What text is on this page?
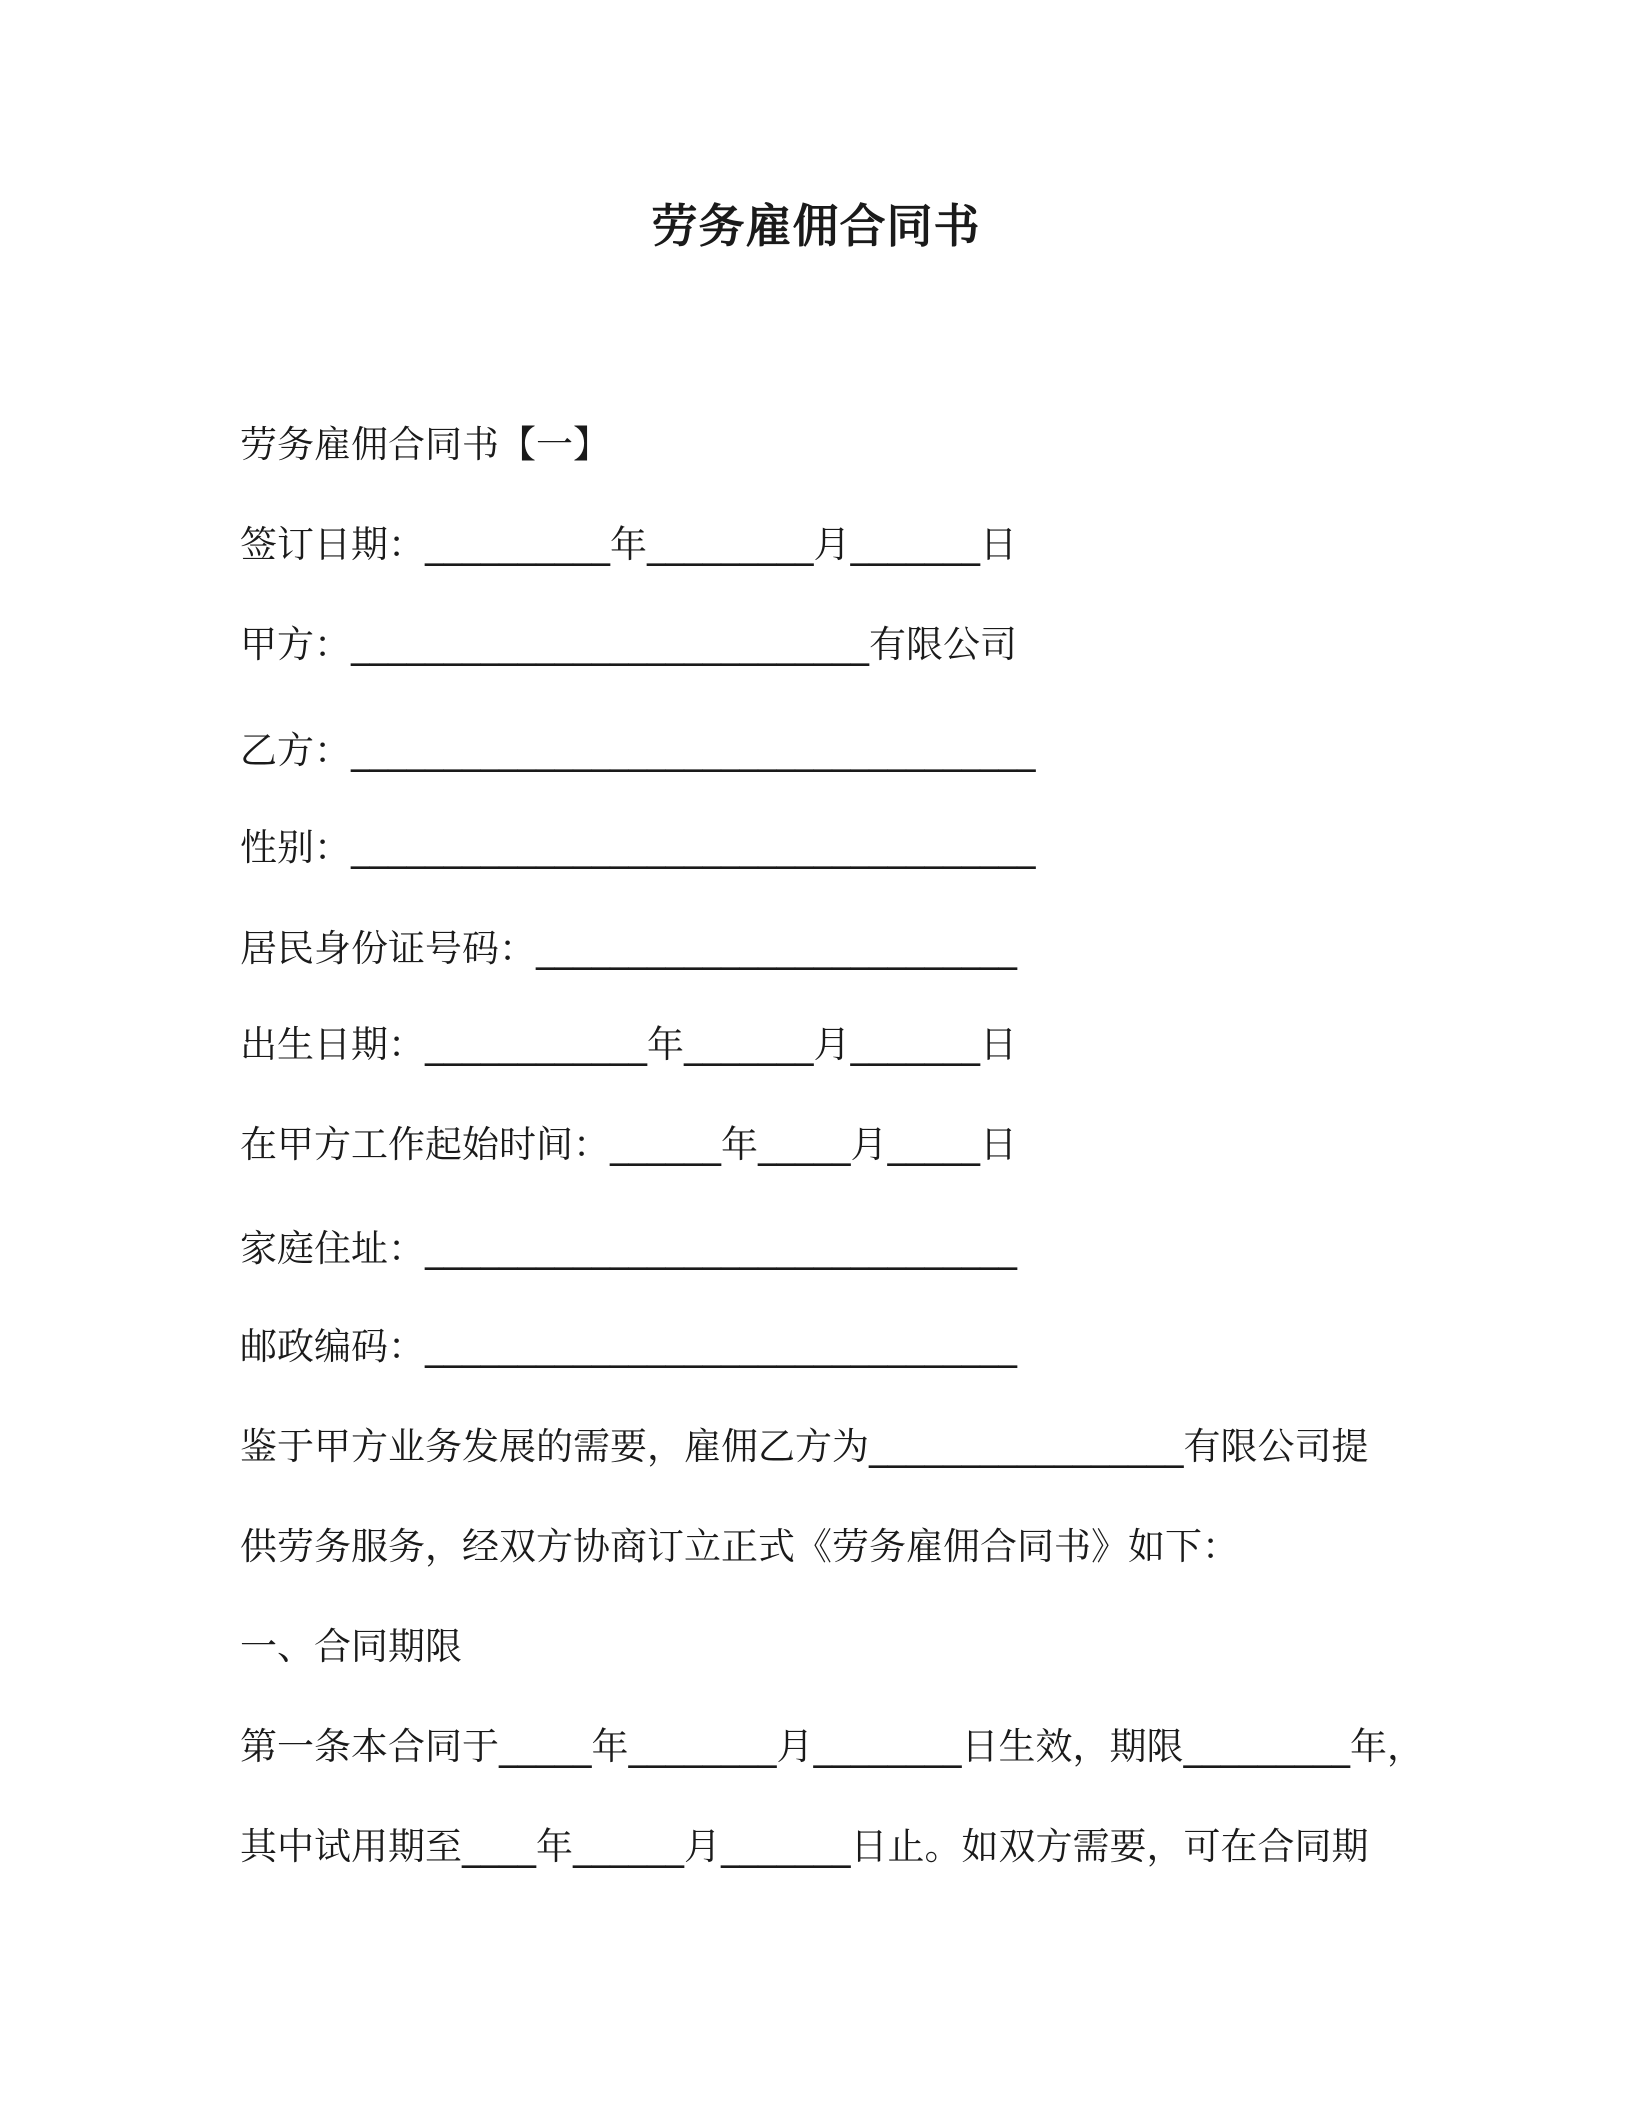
劳务雇佣合同书

劳务雇佣合同书【一】

签订日期：__________年_________月_______日

甲方：____________________________有限公司

乙方：_____________________________________

性别：_____________________________________

居民身份证号码：__________________________

出生日期：____________年_______月_______日

在甲方工作起始时间：______年_____月_____日

家庭住址：________________________________

邮政编码：________________________________

鉴于甲方业务发展的需要，雇佣乙方为_________________有限公司提

供劳务服务，经双方协商订立正式《劳务雇佣合同书》如下：

一、合同期限

第一条本合同于_____年________月________日生效，期限_________年，

其中试用期至____年______月_______日止。如双方需要，可在合同期
